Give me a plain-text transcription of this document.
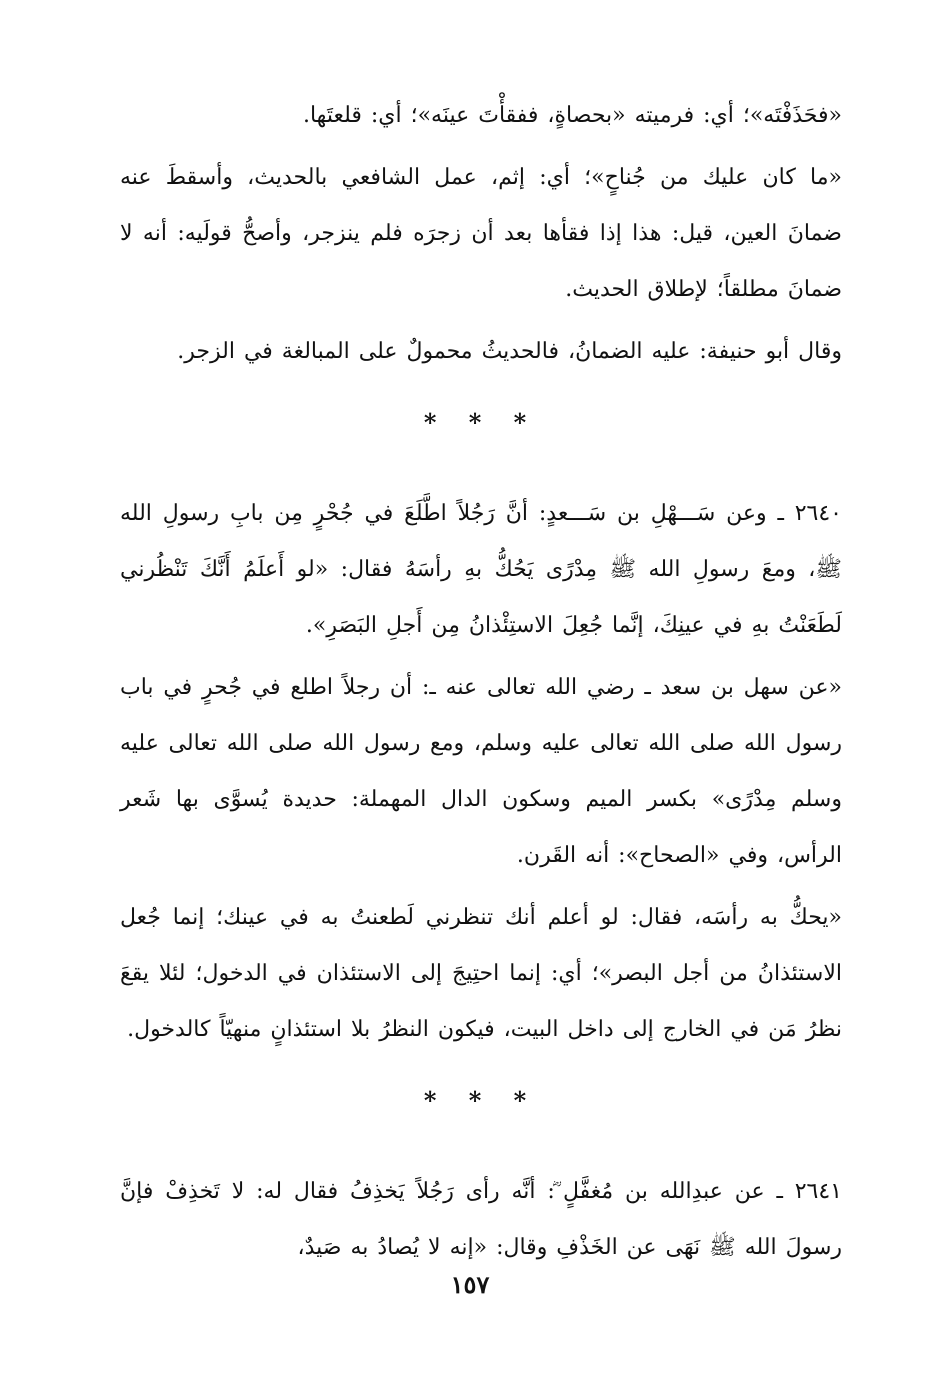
«فحَذَفْتَه»؛ أي: فرميته «بحصاةٍ، ففقأْتَ عينَه»؛ أي: قلعتَها.

«ما كان عليك من جُناحٍ»؛ أي: إثم، عمل الشافعي بالحديث، وأسقطَ عنه ضمانَ العين، قيل: هذا إذا فقأها بعد أن زجرَه فلم ينزجر، وأصحُّ قولَيه: أنه لا ضمانَ مطلقاً؛ لإطلاق الحديث.

وقال أبو حنيفة: عليه الضمانُ، فالحديثُ محمولٌ على المبالغة في الزجر.

* * *

٢٦٤٠ ـ وعن سَـــهْلِ بن سَـــعدٍ: أنَّ رَجُلاً اطَّلَعَ في جُحْرٍ مِن بابِ رسولِ الله ﷺ، ومعَ رسولِ الله ﷺ مِدْرًى يَحُكُّ بهِ رأسَهُ فقال: «لو أَعلَمُ أَنَّكَ تَنْظُرني لَطَعَنْتُ بهِ في عينِكَ، إنَّما جُعِلَ الاستِئْذانُ مِن أَجلِ البَصَرِ».

«عن سهل بن سعد ـ رضي الله تعالى عنه ـ: أن رجلاً اطلع في جُحرٍ في باب رسول الله صلى الله تعالى عليه وسلم، ومع رسول الله صلى الله تعالى عليه وسلم مِدْرًى» بكسر الميم وسكون الدال المهملة: حديدة يُسوَّى بها شَعر الرأس، وفي «الصحاح»: أنه القَرن.

«يحكُّ به رأسَه، فقال: لو أعلم أنك تنظرني لَطعنتُ به في عينك؛ إنما جُعل الاستئذانُ من أجل البصر»؛ أي: إنما احتِيجَ إلى الاستئذان في الدخول؛ لئلا يقعَ نظرُ مَن في الخارج إلى داخل البيت، فيكون النظرُ بلا استئذانٍ منهيّاً كالدخول.

* * *

٢٦٤١ ـ عن عبدِالله بن مُغفَّلٍ ؓ: أنَّه رأى رَجُلاً يَخذِفُ فقال له: لا تَخذِفْ فإنَّ رسولَ الله ﷺ نَهَى عن الخَذْفِ وقال: «إنه لا يُصادُ به صَيدٌ،

١٥٧
